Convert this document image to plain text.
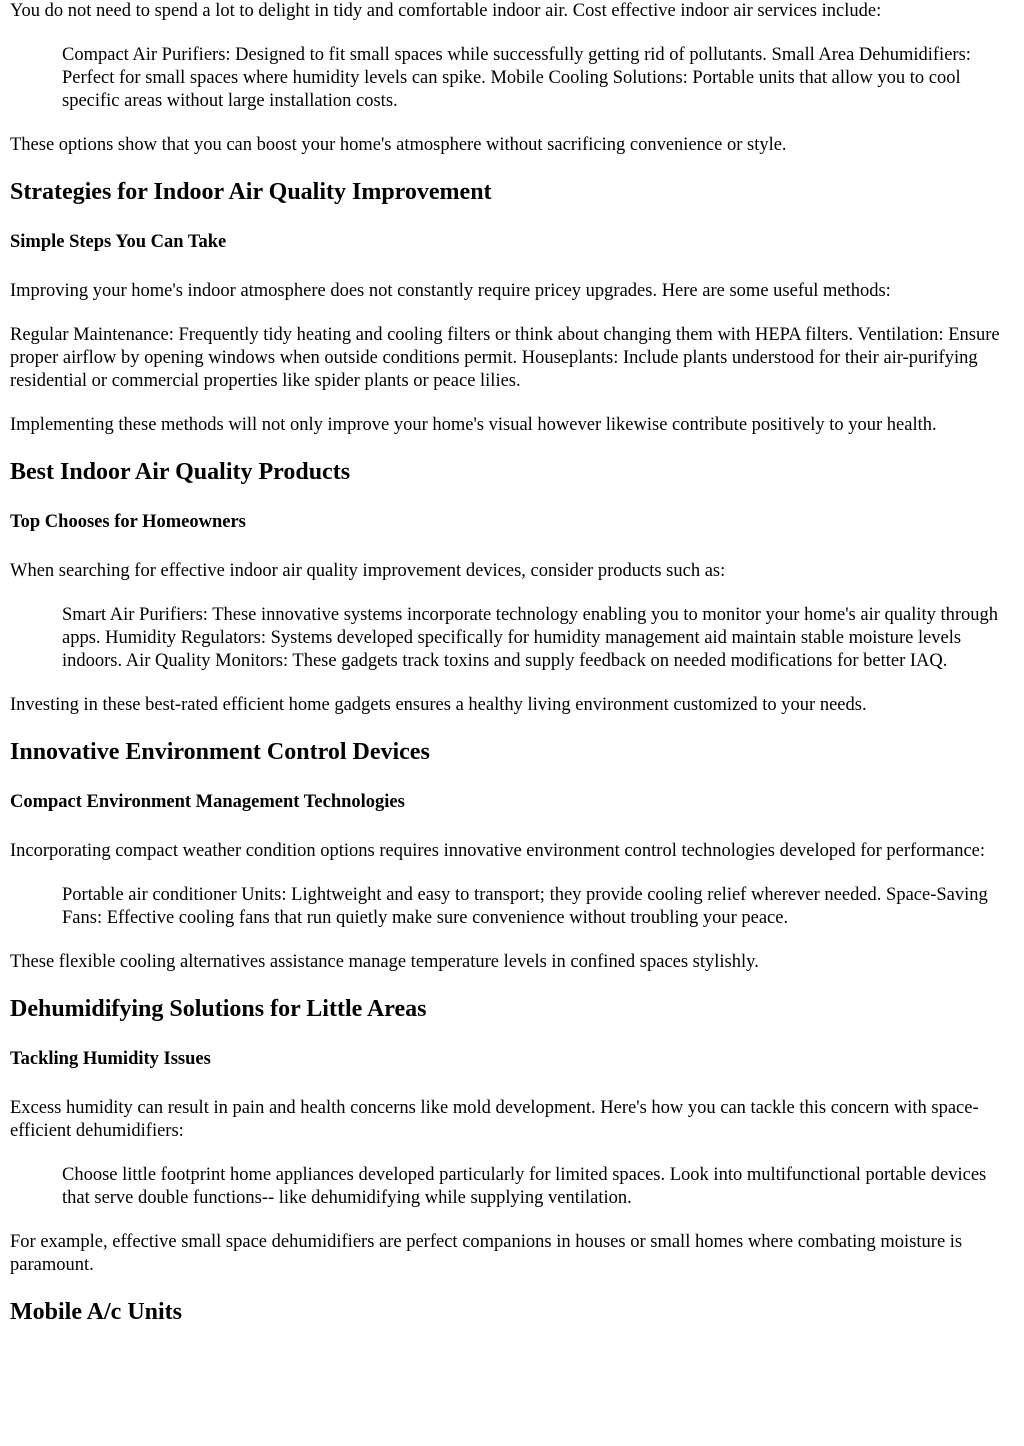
You do not need to spend a lot to delight in tidy and comfortable indoor air. Cost effective indoor air services include:

Compact Air Purifiers: Designed to fit small spaces while successfully getting rid of pollutants. Small Area Dehumidifiers: Perfect for small spaces where humidity levels can spike. Mobile Cooling Solutions: Portable units that allow you to cool specific areas without large installation costs.

These options show that you can boost your home's atmosphere without sacrificing convenience or style.

Strategies for Indoor Air Quality Improvement
Simple Steps You Can Take

Improving your home's indoor atmosphere does not constantly require pricey upgrades. Here are some useful methods:

Regular Maintenance: Frequently tidy heating and cooling filters or think about changing them with HEPA filters. Ventilation: Ensure proper airflow by opening windows when outside conditions permit. Houseplants: Include plants understood for their air-purifying residential or commercial properties like spider plants or peace lilies.

Implementing these methods will not only improve your home's visual however likewise contribute positively to your health.

Best Indoor Air Quality Products
Top Chooses for Homeowners

When searching for effective indoor air quality improvement devices, consider products such as:

Smart Air Purifiers: These innovative systems incorporate technology enabling you to monitor your home's air quality through apps. Humidity Regulators: Systems developed specifically for humidity management aid maintain stable moisture levels indoors. Air Quality Monitors: These gadgets track toxins and supply feedback on needed modifications for better IAQ.

Investing in these best-rated efficient home gadgets ensures a healthy living environment customized to your needs.

Innovative Environment Control Devices
Compact Environment Management Technologies

Incorporating compact weather condition options requires innovative environment control technologies developed for performance:

Portable air conditioner Units: Lightweight and easy to transport; they provide cooling relief wherever needed. Space-Saving Fans: Effective cooling fans that run quietly make sure convenience without troubling your peace.

These flexible cooling alternatives assistance manage temperature levels in confined spaces stylishly.

Dehumidifying Solutions for Little Areas
Tackling Humidity Issues

Excess humidity can result in pain and health concerns like mold development. Here's how you can tackle this concern with space-efficient dehumidifiers:

Choose little footprint home appliances developed particularly for limited spaces. Look into multifunctional portable devices that serve double functions-- like dehumidifying while supplying ventilation.

For example, effective small space dehumidifiers are perfect companions in houses or small homes where combating moisture is paramount.

Mobile A/c Units
